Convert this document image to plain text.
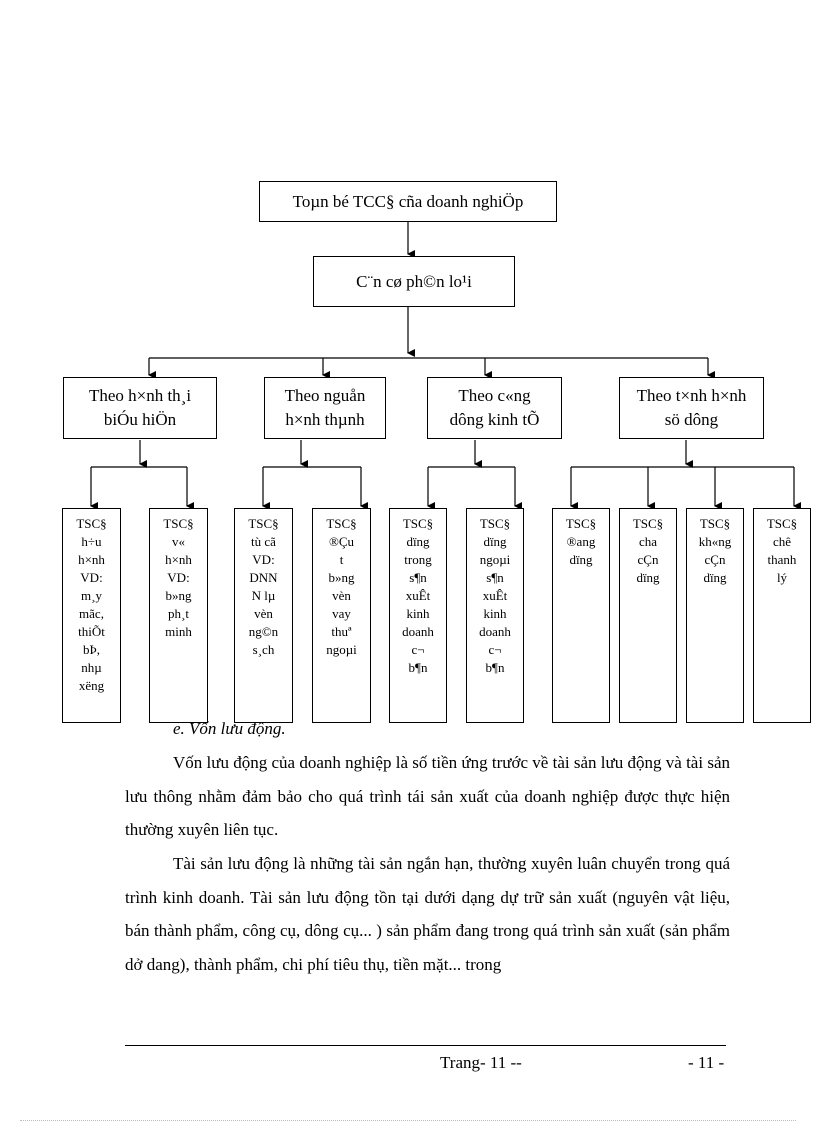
Toµn bé TCC§ cña doanh nghiÖp
C¨n cø ph©n lo¹i
Theo h×nh th¸i
biÓu hiÖn
Theo nguån
h×nh thµnh
Theo c«ng
dông kinh tÕ
Theo t×nh h×nh
sö dông
TSC§
h÷u
h×nh
VD:
m¸y
mãc,
thiÕt
bÞ,
nhµ
xëng
TSC§
v«
h×nh
VD:
b»ng
ph¸t
minh
TSC§
tù cã
VD:
DNN
N lµ
vèn
ng©n
s¸ch
TSC§
®Çu
t
b»ng
vèn
vay
thuª
ngoµi
TSC§
dïng
trong
s¶n
xuÊt
kinh
doanh
c¬
b¶n
TSC§
dïng
ngoµi
s¶n
xuÊt
kinh
doanh
c¬
b¶n
TSC§
®ang
dïng
TSC§
cha
cÇn
dïng
TSC§
kh«ng
cÇn
dïng
TSC§
chê
thanh
lý
e. Vốn lưu động.
Vốn lưu động của doanh nghiệp là số tiền ứng trước về tài sản lưu động và tài sản lưu thông nhằm đảm bảo cho quá trình tái sản xuất của doanh nghiệp được thực hiện thường xuyên liên tục.
Tài sản lưu động là những tài sản ngắn hạn, thường xuyên luân chuyển trong quá trình kinh doanh. Tài sản lưu động tồn tại dưới dạng dự trữ sản xuất (nguyên vật liệu, bán thành phẩm, công cụ, dông cụ... ) sản phẩm đang trong quá trình sản xuất (sản phẩm dở dang), thành phẩm, chi phí tiêu thụ, tiền mặt... trong
Trang- 11 --	- 11 -
